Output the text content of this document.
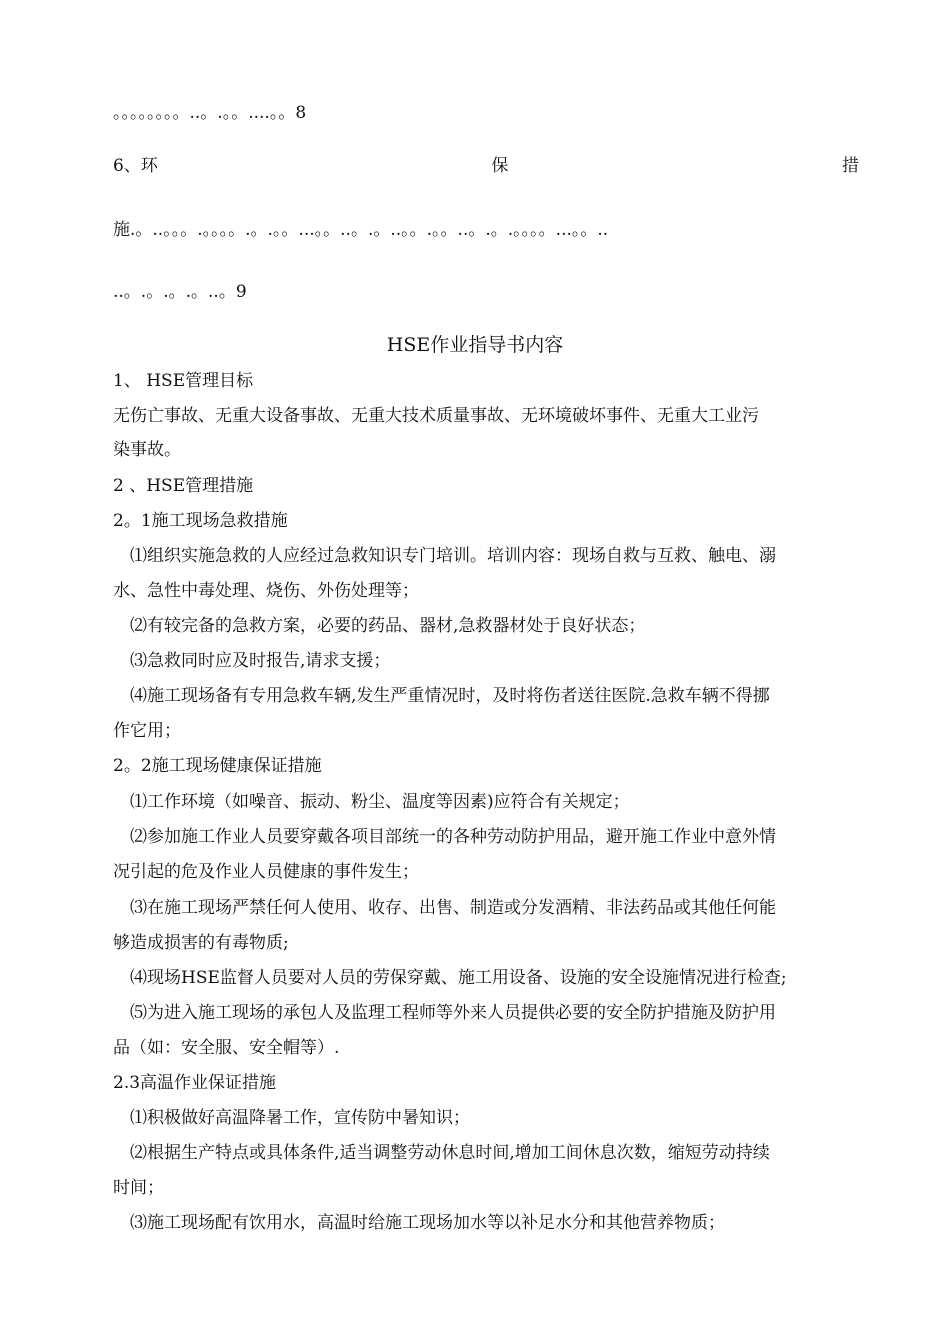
。。。。。。。。..。.。。....。。8
6、环	保	措
施.。..。。。.。。。。.。.。。...。。..。.。..。。.。。..。.。.。。。。...。。..
..。.。.。.。..。9
HSE作业指导书内容
1、 HSE管理目标
无伤亡事故、无重大设备事故、无重大技术质量事故、无环境破坏事件、无重大工业污
染事故。
2 、HSE管理措施
2。1施工现场急救措施
⑴组织实施急救的人应经过急救知识专门培训。培训内容：现场自救与互救、触电、溺
水、急性中毒处理、烧伤、外伤处理等；
⑵有较完备的急救方案，必要的药品、器材,急救器材处于良好状态；
⑶急救同时应及时报告,请求支援；
⑷施工现场备有专用急救车辆,发生严重情况时，及时将伤者送往医院.急救车辆不得挪
作它用；
2。2施工现场健康保证措施
⑴工作环境（如噪音、振动、粉尘、温度等因素)应符合有关规定；
⑵参加施工作业人员要穿戴各项目部统一的各种劳动防护用品，避开施工作业中意外情
况引起的危及作业人员健康的事件发生；
⑶在施工现场严禁任何人使用、收存、出售、制造或分发酒精、非法药品或其他任何能
够造成损害的有毒物质;
⑷现场HSE监督人员要对人员的劳保穿戴、施工用设备、设施的安全设施情况进行检查;
⑸为进入施工现场的承包人及监理工程师等外来人员提供必要的安全防护措施及防护用
品（如：安全服、安全帽等）.
2.3高温作业保证措施
⑴积极做好高温降暑工作，宣传防中暑知识；
⑵根据生产特点或具体条件,适当调整劳动休息时间,增加工间休息次数，缩短劳动持续
时间；
⑶施工现场配有饮用水，高温时给施工现场加水等以补足水分和其他营养物质；
